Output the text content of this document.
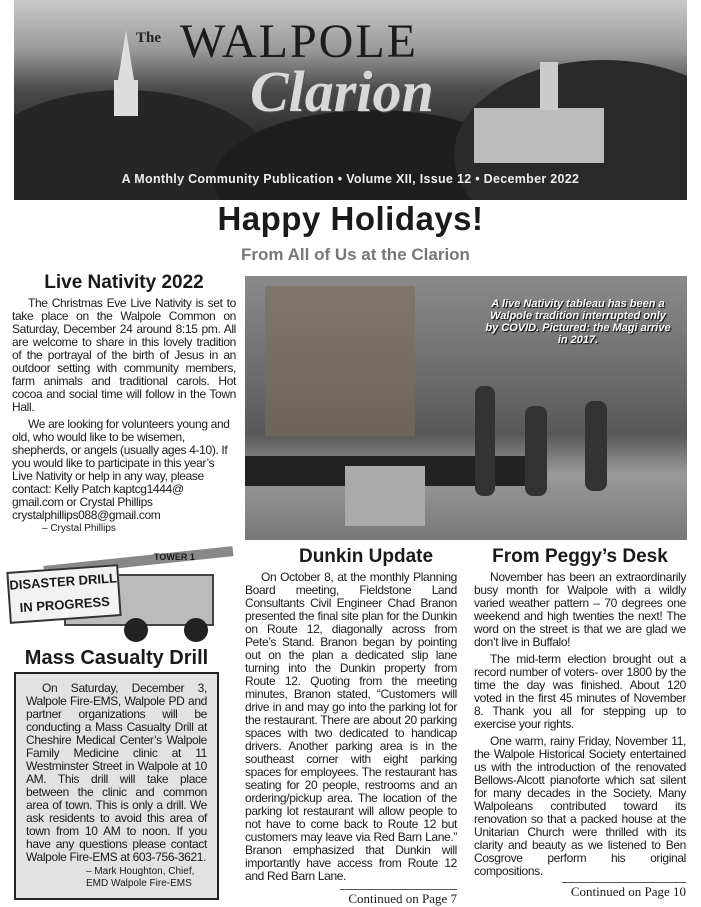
The WALPOLE
Clarion
A Monthly Community Publication • Volume XII, Issue 12 • December 2022
Happy Holidays!
From All of Us at the Clarion
Live Nativity 2022

The Christmas Eve Live Nativity is set to take place on the Walpole Common on Saturday, December 24 around 8:15 pm. All are welcome to share in this lovely tradition of the portrayal of the birth of Jesus in an outdoor setting with community members, farm animals and traditional carols. Hot cocoa and social time will follow in the Town Hall.

We are looking for volunteers young and old, who would like to be wisemen, shepherds, or angels (usually ages 4-10). If you would like to participate in this year’s Live Nativity or help in any way, please contact: Kelly Patch kaptcg1444@ gmail.com or Crystal Phillips crystalphillips088@gmail.com

– Crystal Phillips
A live Nativity tableau has been a Walpole tradition interrupted only by COVID. Pictured: the Magi arrive in 2017.
TOWER 1
DISASTER DRILL
IN PROGRESS
Mass Casualty Drill

On Saturday, December 3, Walpole Fire-EMS, Walpole PD and partner organizations will be conducting a Mass Casualty Drill at Cheshire Medical Center’s Walpole Family Medicine clinic at 11 Westminster Street in Walpole at 10 AM. This drill will take place between the clinic and common area of town. This is only a drill. We ask residents to avoid this area of town from 10 AM to noon. If you have any questions please contact Walpole Fire-EMS at 603-756-3621.

– Mark Houghton, Chief,
EMD Walpole Fire-EMS
Dunkin Update

On October 8, at the monthly Planning Board meeting, Fieldstone Land Consultants Civil Engineer Chad Branon presented the final site plan for the Dunkin on Route 12, diagonally across from Pete’s Stand. Branon began by pointing out on the plan a dedicated slip lane turning into the Dunkin property from Route 12. Quoting from the meeting minutes, Branon stated, “Customers will drive in and may go into the parking lot for the restaurant. There are about 20 parking spaces with two dedicated to handicap drivers. Another parking area is in the southeast corner with eight parking spaces for employees. The restaurant has seating for 20 people, restrooms and an ordering/pickup area. The location of the parking lot restaurant will allow people to not have to come back to Route 12 but customers may leave via Red Barn Lane.” Branon emphasized that Dunkin will importantly have access from Route 12 and Red Barn Lane.

Continued on Page 7
From Peggy’s Desk

November has been an extraordinarily busy month for Walpole with a wildly varied weather pattern – 70 degrees one weekend and high twenties the next! The word on the street is that we are glad we don’t live in Buffalo!

The mid-term election brought out a record number of voters- over 1800 by the time the day was finished. About 120 voted in the first 45 minutes of November 8. Thank you all for stepping up to exercise your rights.

One warm, rainy Friday, November 11, the Walpole Historical Society entertained us with the introduction of the renovated Bellows-Alcott pianoforte which sat silent for many decades in the Society. Many Walpoleans contributed toward its renovation so that a packed house at the Unitarian Church were thrilled with its clarity and beauty as we listened to Ben Cosgrove perform his original compositions.

Continued on Page 10
